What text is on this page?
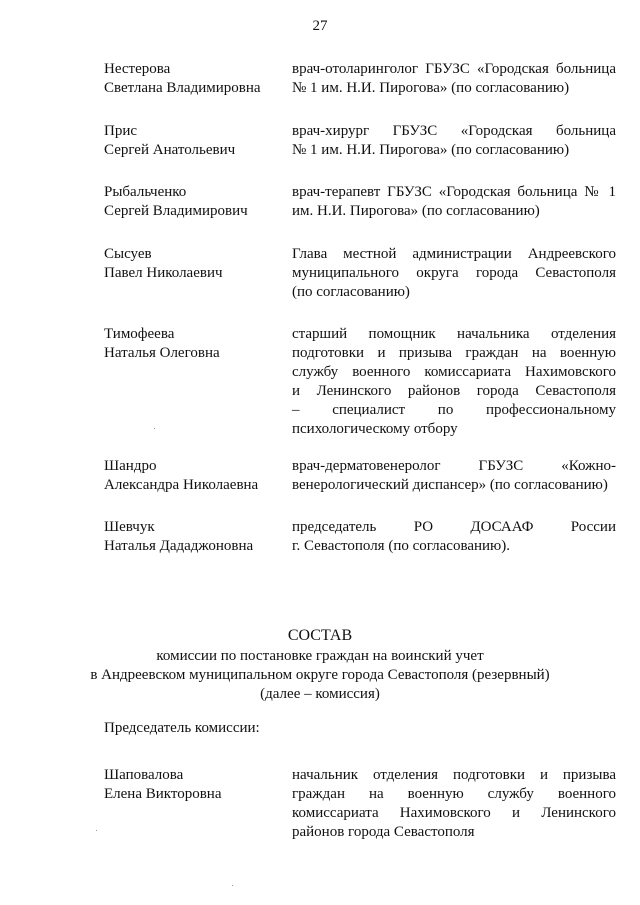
27
Нестерова
Светлана Владимировна
врач-отоларинголог ГБУЗС «Городская больница
№ 1 им. Н.И. Пирогова» (по согласованию)
Прис
Сергей Анатольевич
врач-хирург ГБУЗС «Городская больница
№ 1 им. Н.И. Пирогова» (по согласованию)
Рыбальченко
Сергей Владимирович
врач-терапевт ГБУЗС «Городская больница № 1
им. Н.И. Пирогова» (по согласованию)
Сысуев
Павел Николаевич
Глава местной администрации Андреевского
муниципального округа города Севастополя
(по согласованию)
Тимофеева
Наталья Олеговна
старший помощник начальника отделения
подготовки и призыва граждан на военную
службу военного комиссариата Нахимовского
и Ленинского районов города Севастополя
– специалист по профессиональному
психологическому отбору
Шандро
Александра Николаевна
врач-дерматовенеролог ГБУЗС «Кожно-
венерологический диспансер» (по согласованию)
Шевчук
Наталья Дададжоновна
председатель РО ДОСААФ России
г. Севастополя (по согласованию).
СОСТАВ
комиссии по постановке граждан на воинский учет
в Андреевском муниципальном округе города Севастополя (резервный)
(далее – комиссия)
Председатель комиссии:
Шаповалова
Елена Викторовна
начальник отделения подготовки и призыва
граждан на военную службу военного
комиссариата Нахимовского и Ленинского
районов города Севастополя
